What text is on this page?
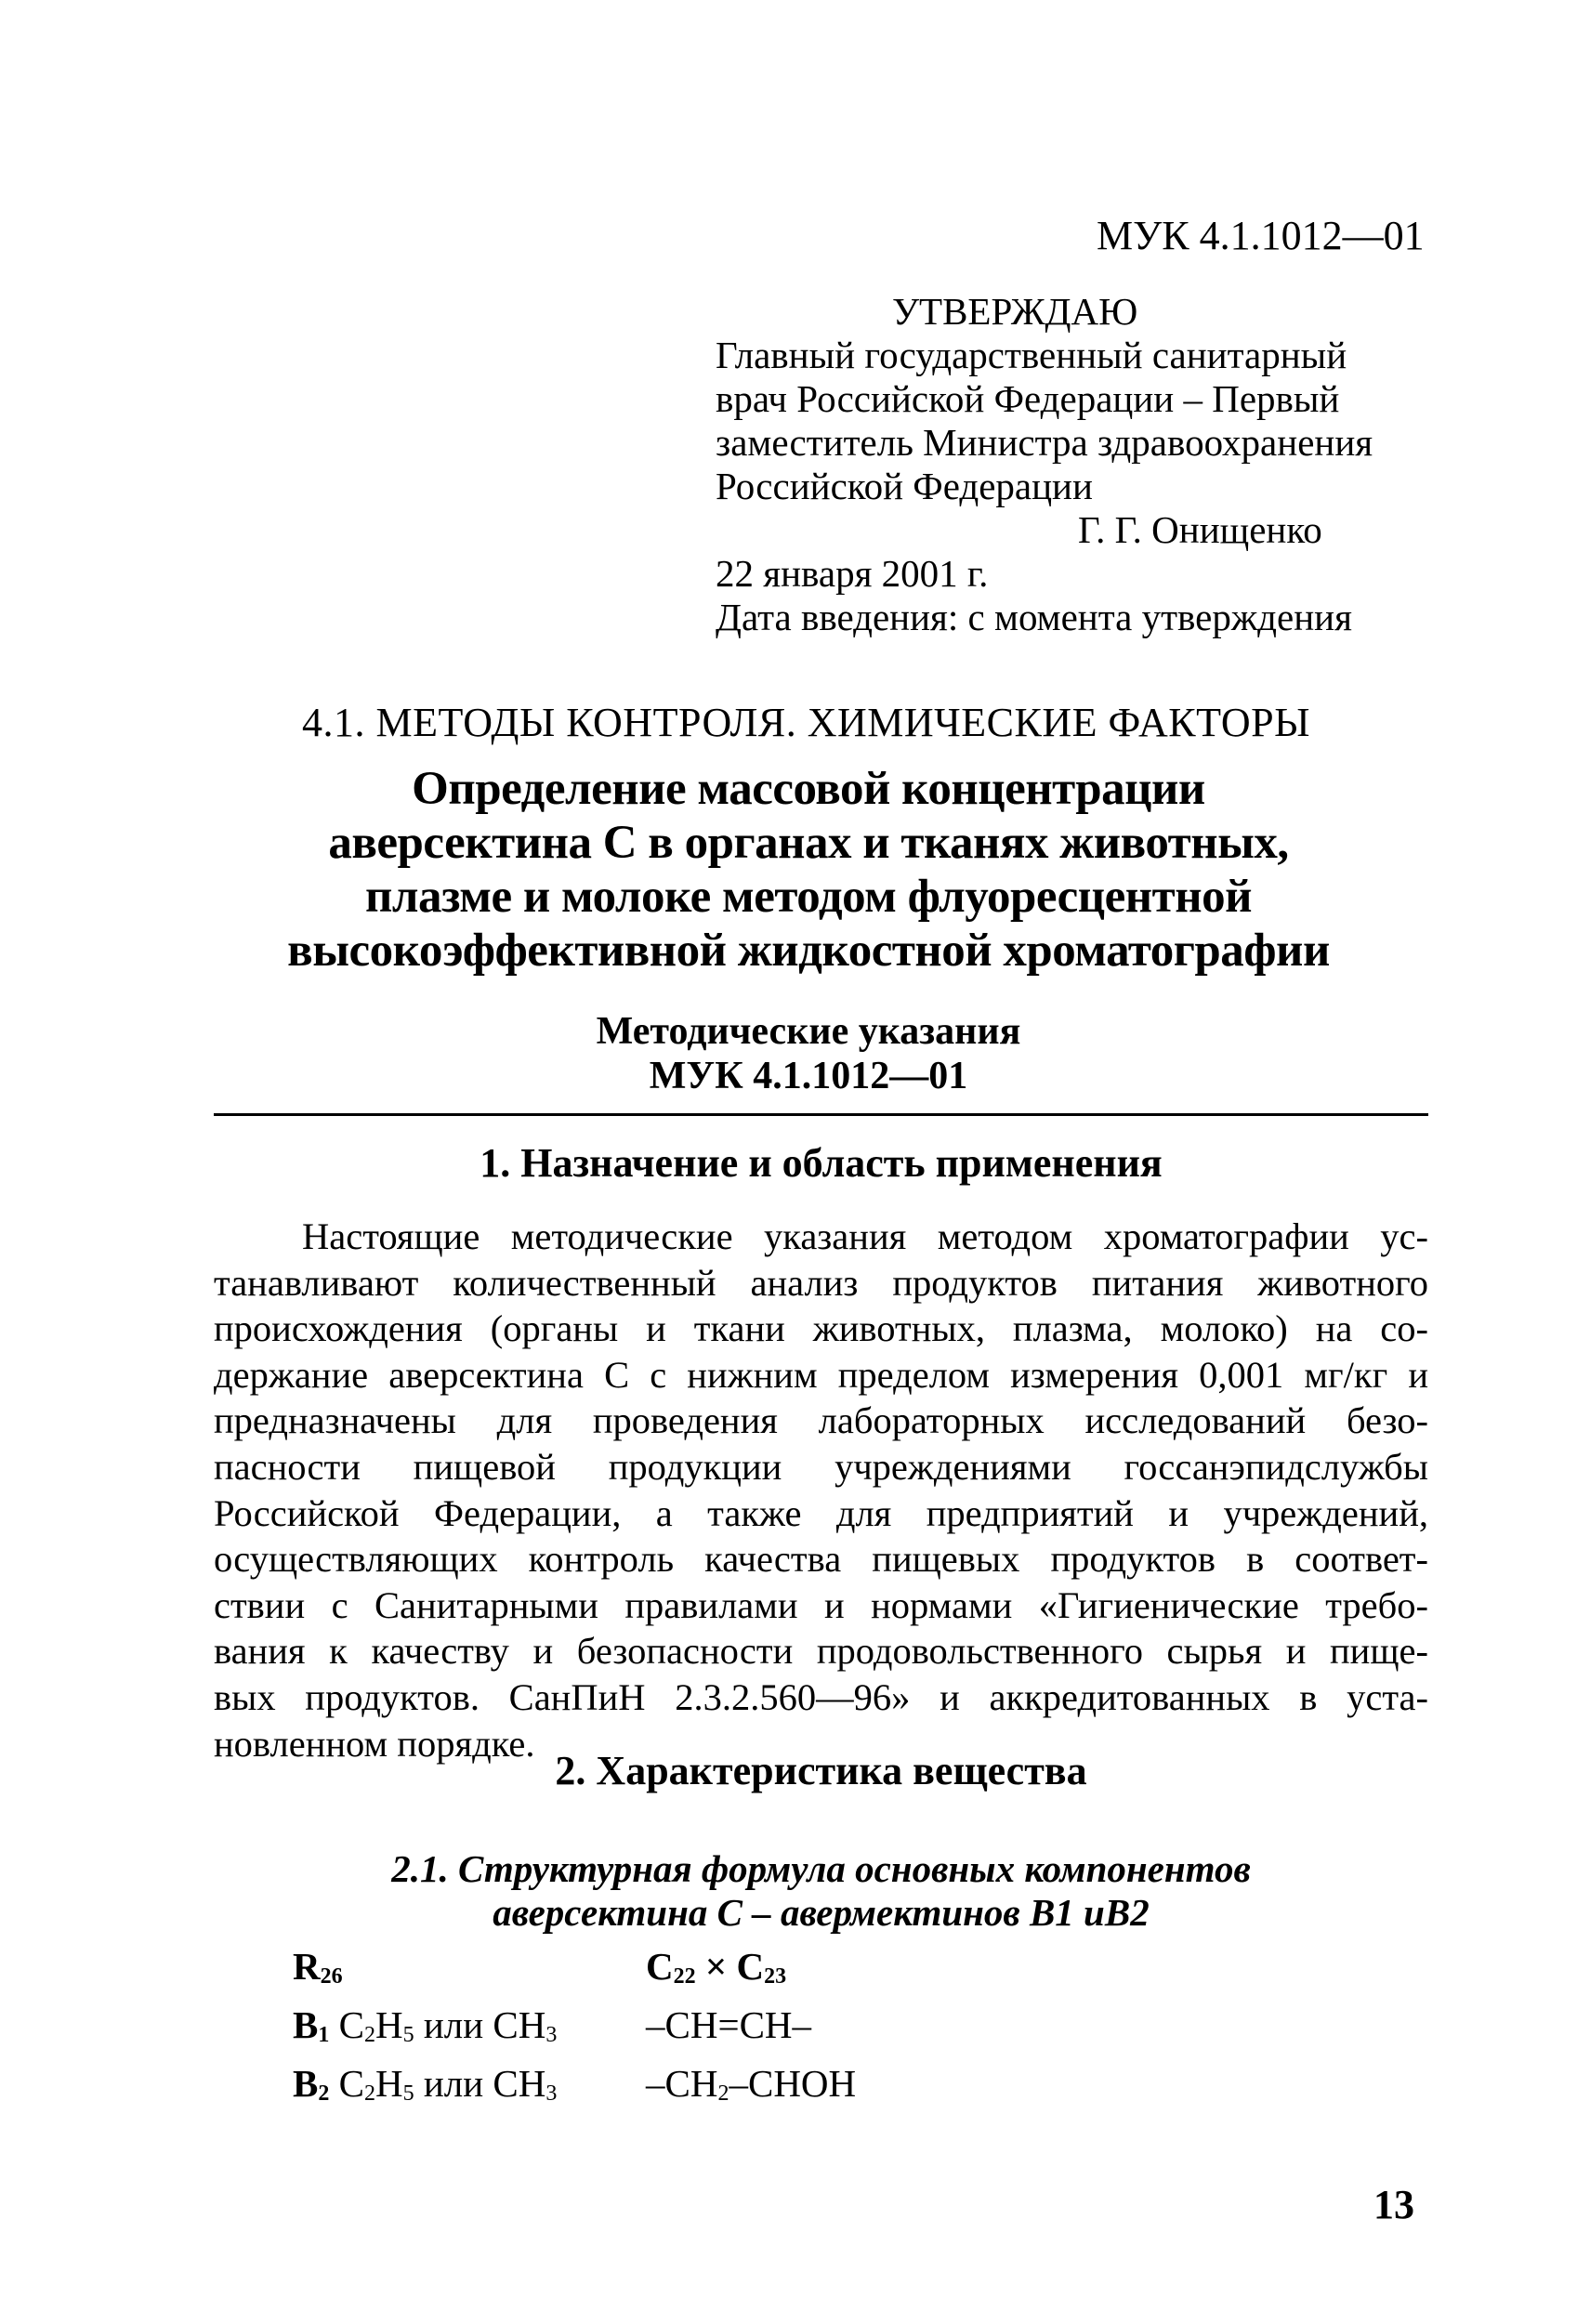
МУК 4.1.1012—01
УТВЕРЖДАЮ
Главный государственный санитарный
врач Российской Федерации – Первый
заместитель Министра здравоохранения
Российской Федерации
Г. Г. Онищенко
22 января 2001 г.
Дата введения: с момента утверждения
4.1. МЕТОДЫ КОНТРОЛЯ. ХИМИЧЕСКИЕ ФАКТОРЫ
Определение массовой концентрации
аверсектина С в органах и тканях животных,
плазме и молоке методом флуоресцентной
высокоэффективной жидкостной хроматографии
Методические указания
МУК 4.1.1012—01
1. Назначение и область применения
Настоящие методические указания методом хроматографии ус-
танавливают количественный анализ продуктов питания животного
происхождения (органы и ткани животных, плазма, молоко) на со-
держание аверсектина С с нижним пределом измерения 0,001 мг/кг и
предназначены для проведения лабораторных исследований безо-
пасности пищевой продукции учреждениями госсанэпидслужбы
Российской Федерации, а также для предприятий и учреждений,
осуществляющих контроль качества пищевых продуктов в соответ-
ствии с Санитарными правилами и нормами «Гигиенические требо-
вания к качеству и безопасности продовольственного сырья и пище-
вых продуктов. СанПиН 2.3.2.560—96» и аккредитованных в уста-
новленном порядке.
2. Характеристика вещества
2.1. Структурная формула основных компонентов
аверсектина С – авермектинов B1 иB2
$R_{26}$	$C_{22} \times C_{23}$
$B_1$ $C_2H_5$ или $CH_3$	–CH=CH–
$B_2$ $C_2H_5$ или $CH_3$	$-CH_2$–CHOH
13
